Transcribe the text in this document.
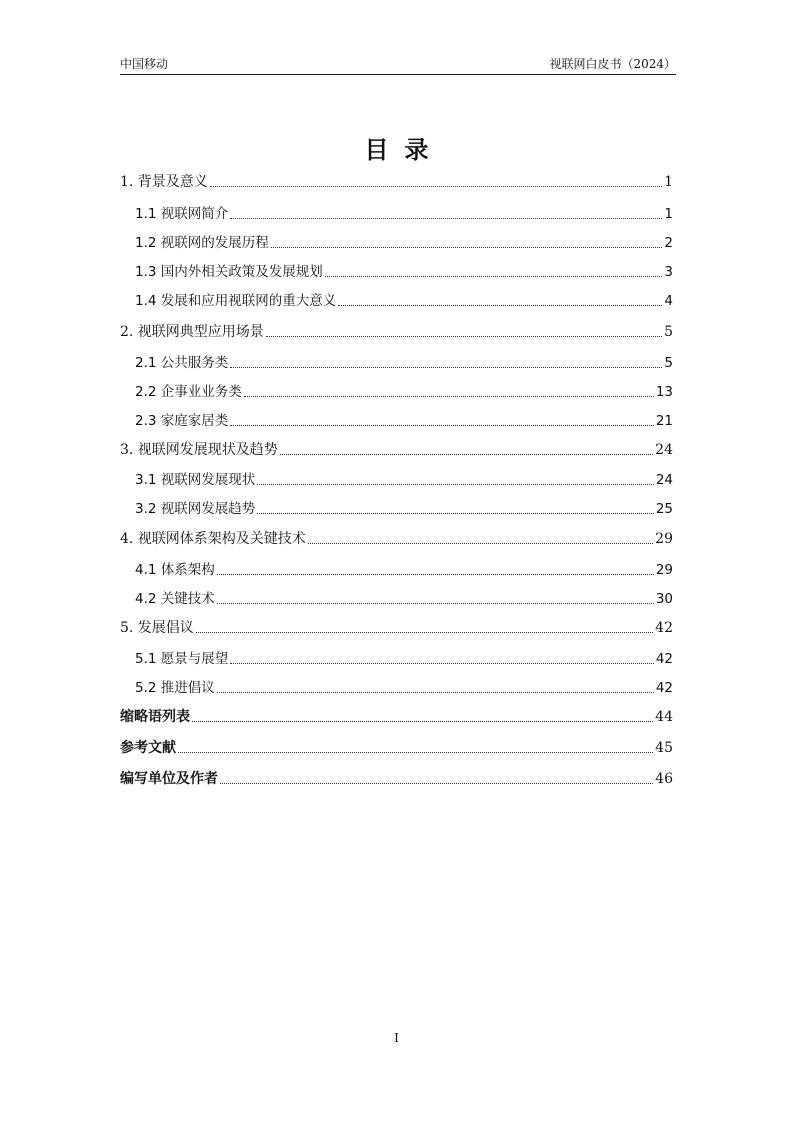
中国移动	视联网白皮书（2024）
目录
1. 背景及意义	1
1.1 视联网简介	1
1.2 视联网的发展历程	2
1.3 国内外相关政策及发展规划	3
1.4 发展和应用视联网的重大意义	4
2. 视联网典型应用场景	5
2.1 公共服务类	5
2.2 企事业业务类	13
2.3 家庭家居类	21
3. 视联网发展现状及趋势	24
3.1 视联网发展现状	24
3.2 视联网发展趋势	25
4. 视联网体系架构及关键技术	29
4.1 体系架构	29
4.2 关键技术	30
5. 发展倡议	42
5.1 愿景与展望	42
5.2 推进倡议	42
缩略语列表	44
参考文献	45
编写单位及作者	46
I
